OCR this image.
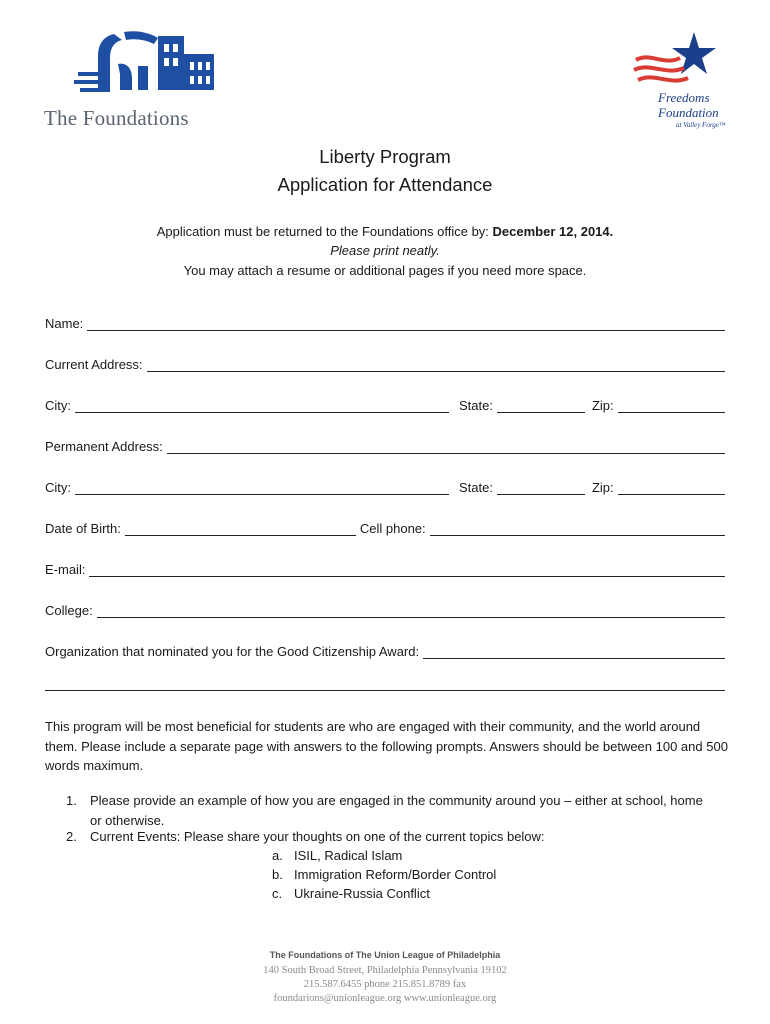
The Foundations
Freedoms
Foundation
at Valley Forge™
Liberty Program
Application for Attendance
Application must be returned to the Foundations office by: December 12, 2014.
Please print neatly.
You may attach a resume or additional pages if you need more space.
Name:
Current Address:
City:	State:	Zip:
Permanent Address:
City:	State:	Zip:
Date of Birth:	Cell phone:
E-mail:
College:
Organization that nominated you for the Good Citizenship Award:
This program will be most beneficial for students are who are engaged with their community, and the world around them. Please include a separate page with answers to the following prompts. Answers should be between 100 and 500 words maximum.
1. Please provide an example of how you are engaged in the community around you – either at school, home or otherwise.
2. Current Events: Please share your thoughts on one of the current topics below:
a. ISIL, Radical Islam
b. Immigration Reform/Border Control
c. Ukraine-Russia Conflict
The Foundations of The Union League of Philadelphia
140 South Broad Street, Philadelphia Pennsylvania 19102
215.587.6455 phone 215.851.8789 fax
foundarions@unionleague.org www.unionleague.org
